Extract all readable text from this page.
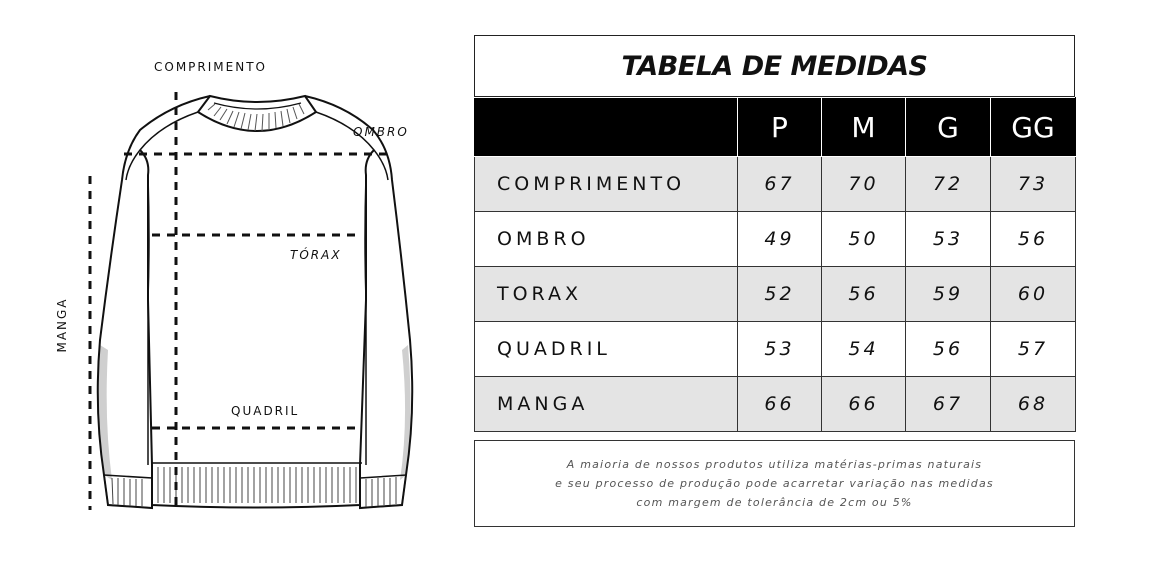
COMPRIMENTO
OMBRO
TÓRAX
QUADRIL
MANGA
TABELA DE MEDIDAS
	P	M	G	GG
COMPRIMENTO	67	70	72	73
OMBRO	49	50	53	56
TORAX	52	56	59	60
QUADRIL	53	54	56	57
MANGA	66	66	67	68
A maioria de nossos produtos utiliza matérias-primas naturais
e seu processo de produção pode acarretar variação nas medidas
com margem de tolerância de 2cm ou 5%
